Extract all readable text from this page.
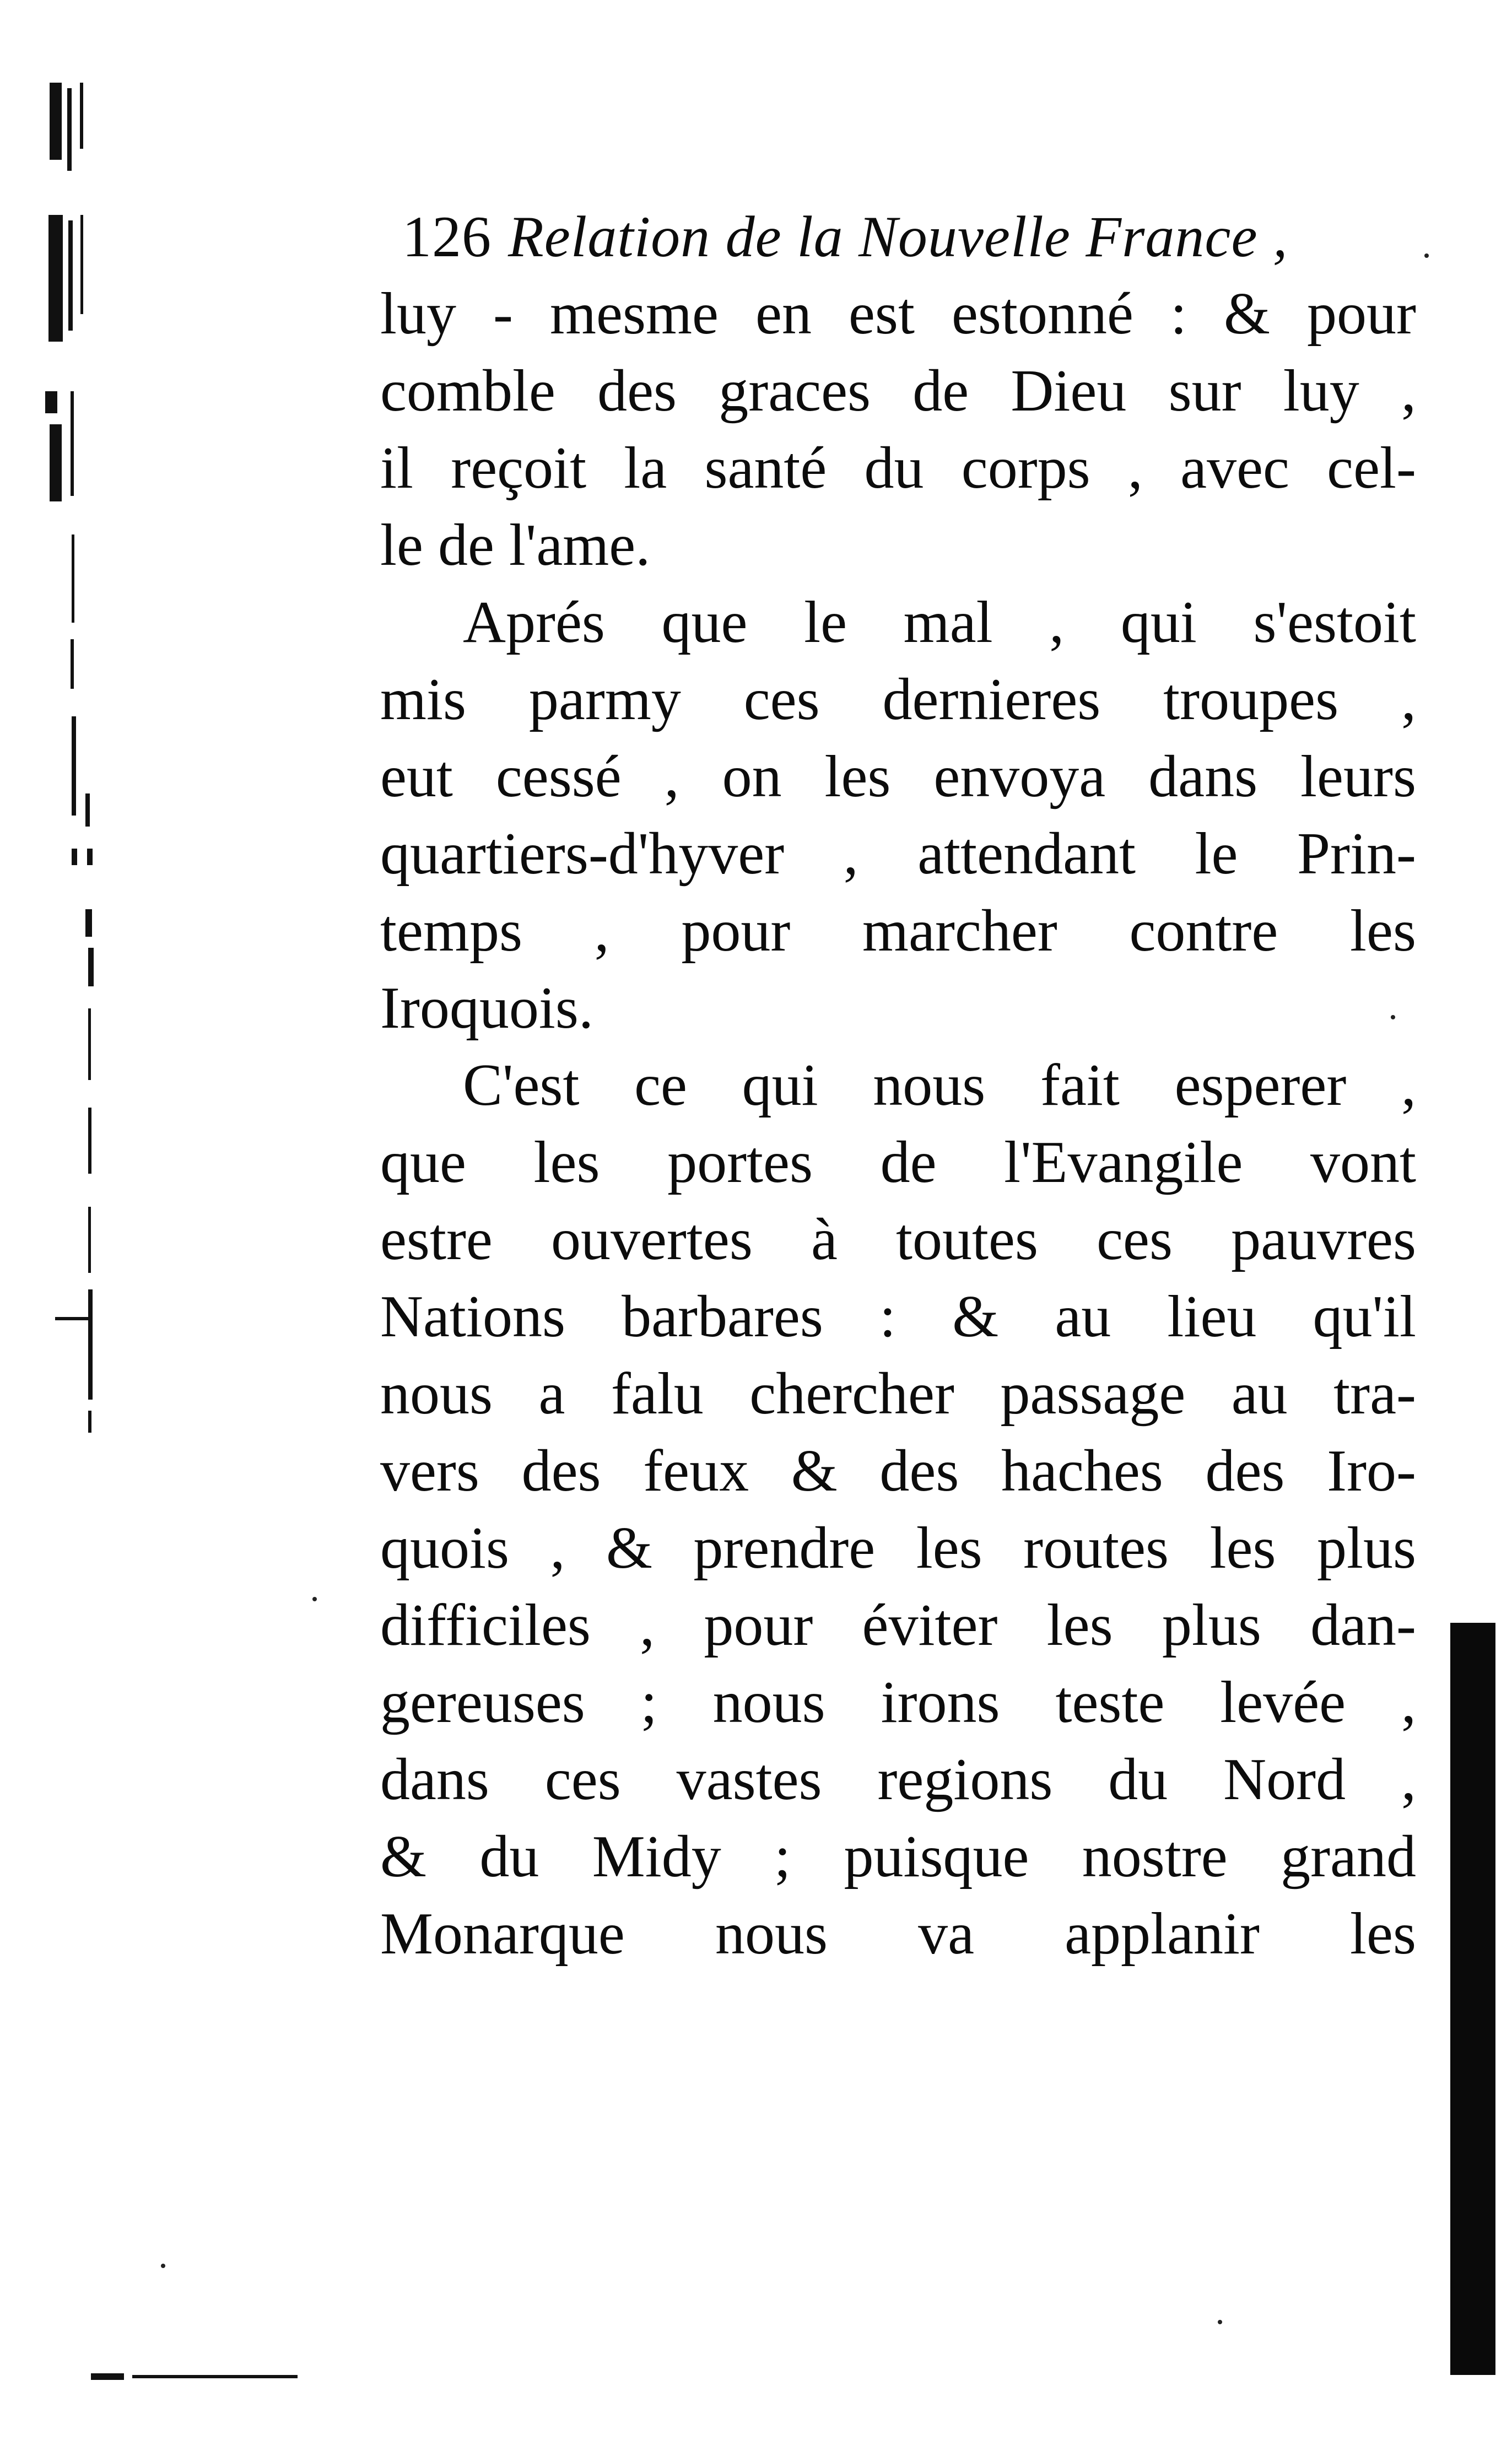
126 Relation de la Nouvelle France ,
luy - mesme en est estonné : & pour
comble des graces de Dieu sur luy ,
il reçoit la santé du corps , avec cel-
le de l'ame.
Aprés que le mal , qui s'estoit
mis parmy ces dernieres troupes ,
eut cessé , on les envoya dans leurs
quartiers-d'hyver , attendant le Prin-
temps , pour marcher contre les
Iroquois.
C'est ce qui nous fait esperer ,
que les portes de l'Evangile vont
estre ouvertes à toutes ces pauvres
Nations barbares : & au lieu qu'il
nous a falu chercher passage au tra-
vers des feux & des haches des Iro-
quois , & prendre les routes les plus
difficiles , pour éviter les plus dan-
gereuses ; nous irons teste levée ,
dans ces vastes regions du Nord ,
& du Midy ; puisque nostre grand
Monarque nous va applanir les
